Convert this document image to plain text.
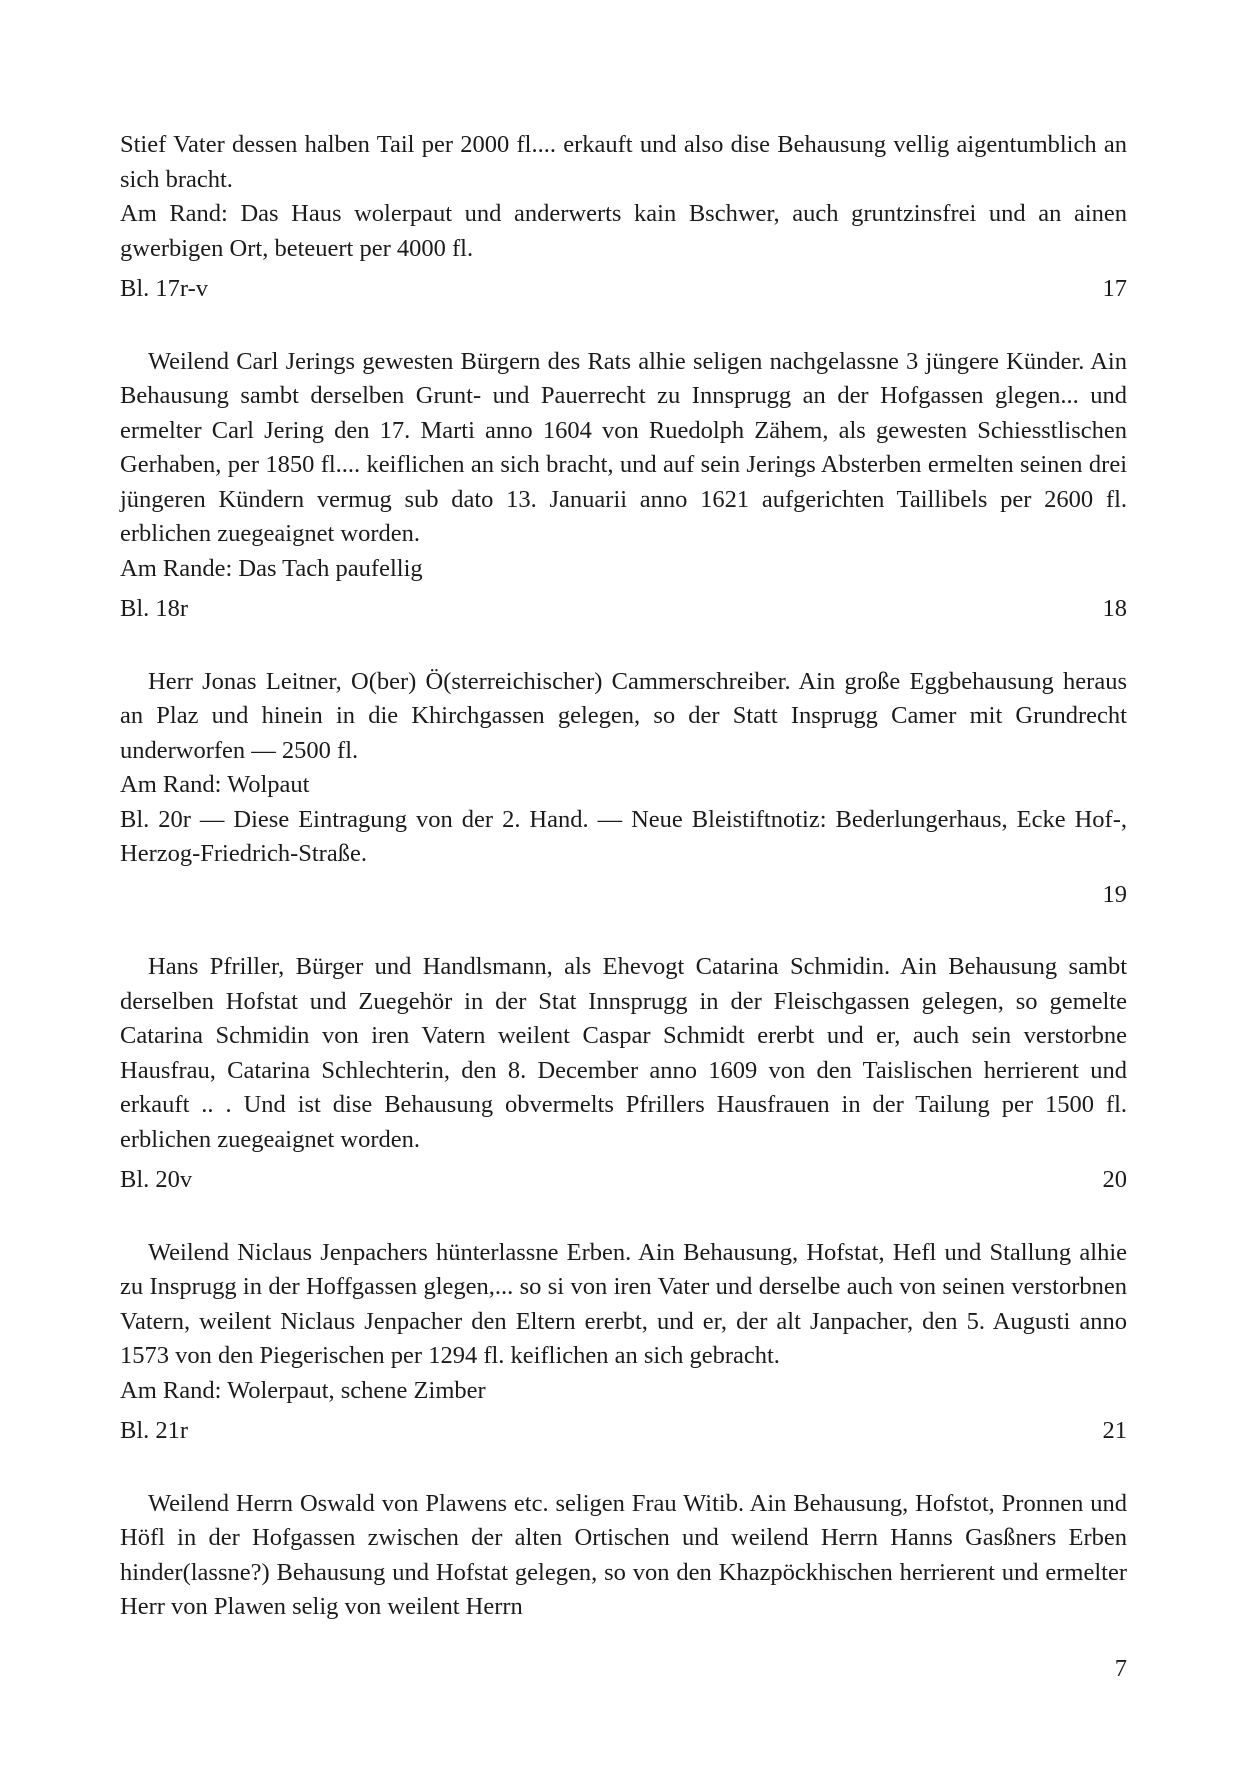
Stief Vater dessen halben Tail per 2000 fl.... erkauft und also dise Behausung vellig aigentumblich an sich bracht.

Am Rand: Das Haus wolerpaut und anderwerts kain Bschwer, auch gruntzinsfrei und an ainen gwerbigen Ort, beteuert per 4000 fl.

Bl. 17r-v	17

Weilend Carl Jerings gewesten Bürgern des Rats alhie seligen nachgelassne 3 jüngere Künder. Ain Behausung sambt derselben Grunt- und Pauerrecht zu Innsprugg an der Hofgassen glegen... und ermelter Carl Jering den 17. Marti anno 1604 von Ruedolph Zähem, als gewesten Schiesstlischen Gerhaben, per 1850 fl.... keiflichen an sich bracht, und auf sein Jerings Absterben ermelten seinen drei jüngeren Kündern vermug sub dato 13. Januarii anno 1621 aufgerichten Taillibels per 2600 fl. erblichen zuegeaignet worden.

Am Rande: Das Tach paufellig

Bl. 18r	18

Herr Jonas Leitner, O(ber) Ö(sterreichischer) Cammerschreiber. Ain große Eggbehausung heraus an Plaz und hinein in die Khirchgassen gelegen, so der Statt Insprugg Camer mit Grundrecht underworfen — 2500 fl.

Am Rand: Wolpaut

Bl. 20r — Diese Eintragung von der 2. Hand. — Neue Bleistiftnotiz: Bederlungerhaus, Ecke Hof-, Herzog-Friedrich-Straße.

19

Hans Pfriller, Bürger und Handlsmann, als Ehevogt Catarina Schmidin. Ain Behausung sambt derselben Hofstat und Zuegehör in der Stat Innsprugg in der Fleischgassen gelegen, so gemelte Catarina Schmidin von iren Vatern weilent Caspar Schmidt ererbt und er, auch sein verstorbne Hausfrau, Catarina Schlechterin, den 8. December anno 1609 von den Taislischen herrierent und erkauft .. . Und ist dise Behausung obvermelts Pfrillers Hausfrauen in der Tailung per 1500 fl. erblichen zuegeaignet worden.

Bl. 20v	20

Weilend Niclaus Jenpachers hünterlassne Erben. Ain Behausung, Hofstat, Hefl und Stallung alhie zu Insprugg in der Hoffgassen glegen,... so si von iren Vater und derselbe auch von seinen verstorbnen Vatern, weilent Niclaus Jenpacher den Eltern ererbt, und er, der alt Janpacher, den 5. Augusti anno 1573 von den Piegerischen per 1294 fl. keiflichen an sich gebracht.

Am Rand: Wolerpaut, schene Zimber

Bl. 21r	21

Weilend Herrn Oswald von Plawens etc. seligen Frau Witib. Ain Behausung, Hofstot, Pronnen und Höfl in der Hofgassen zwischen der alten Ortischen und weilend Herrn Hanns Gasßners Erben hinder(lassne?) Behausung und Hofstat gelegen, so von den Khazpöckhischen herrierent und ermelter Herr von Plawen selig von weilent Herrn

7
